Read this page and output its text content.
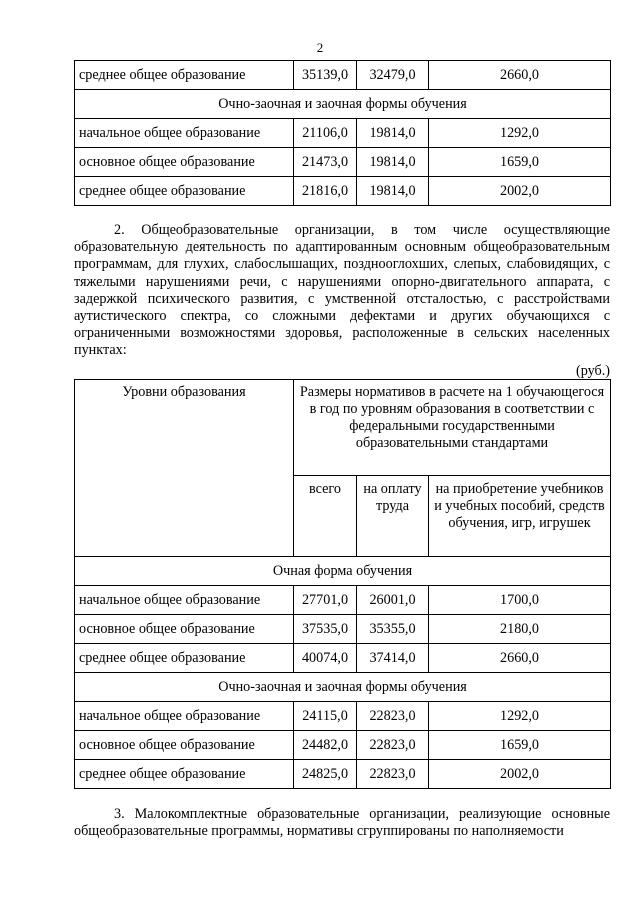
2
среднее общее образование	35139,0	32479,0	2660,0
Очно-заочная и заочная формы обучения			
начальное общее образование	21106,0	19814,0	1292,0
основное общее образование	21473,0	19814,0	1659,0
среднее общее образование	21816,0	19814,0	2002,0

2. Общеобразовательные организации, в том числе осуществляющие образовательную деятельность по адаптированным основным общеобразовательным программам, для глухих, слабослышащих, позднооглохших, слепых, слабовидящих, с тяжелыми нарушениями речи, с нарушениями опорно-двигательного аппарата, с задержкой психического развития, с умственной отсталостью, с расстройствами аутистического спектра, со сложными дефектами и других обучающихся с ограниченными возможностями здоровья, расположенные в сельских населенных пунктах:

(руб.)
Уровни образования	Размеры нормативов в расчете на 1 обучающегося в год по уровням образования в соответствии с федеральными государственными образовательными стандартами		
	всего	на оплату труда	на приобретение учебников и учебных пособий, средств обучения, игр, игрушек
Очная форма обучения			
начальное общее образование	27701,0	26001,0	1700,0
основное общее образование	37535,0	35355,0	2180,0
среднее общее образование	40074,0	37414,0	2660,0
Очно-заочная и заочная формы обучения			
начальное общее образование	24115,0	22823,0	1292,0
основное общее образование	24482,0	22823,0	1659,0
среднее общее образование	24825,0	22823,0	2002,0

3. Малокомплектные образовательные организации, реализующие основные общеобразовательные программы, нормативы сгруппированы по наполняемости
